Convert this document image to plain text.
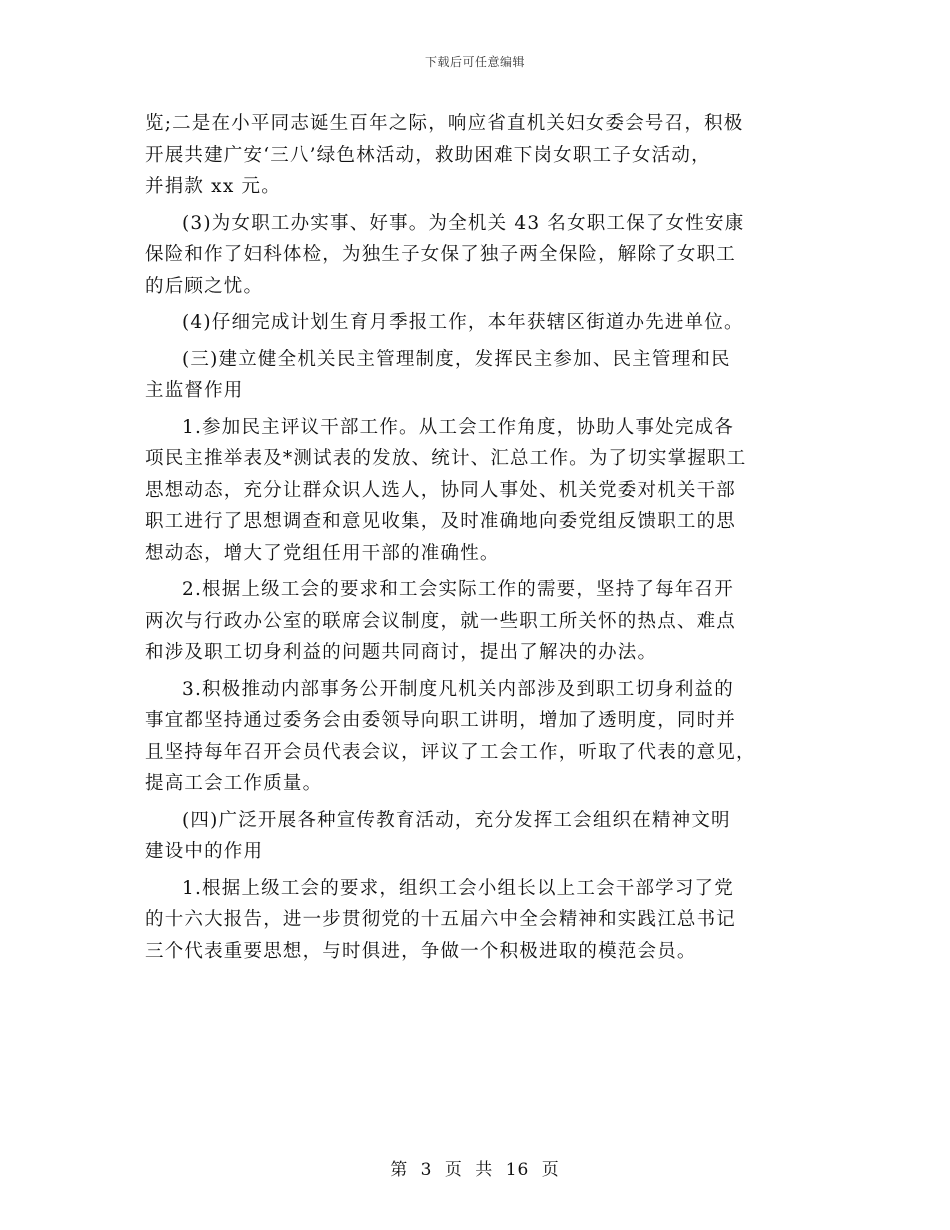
下载后可任意编辑
览;二是在小平同志诞生百年之际，响应省直机关妇女委会号召，积极
开展共建广安‘三八’绿色林活动，救助困难下岗女职工子女活动，
并捐款 xx 元。
(3)为女职工办实事、好事。为全机关 43 名女职工保了女性安康
保险和作了妇科体检，为独生子女保了独子两全保险，解除了女职工
的后顾之忧。
(4)仔细完成计划生育月季报工作，本年获辖区街道办先进单位。
(三)建立健全机关民主管理制度，发挥民主参加、民主管理和民
主监督作用
1.参加民主评议干部工作。从工会工作角度，协助人事处完成各
项民主推举表及*测试表的发放、统计、汇总工作。为了切实掌握职工
思想动态，充分让群众识人选人，协同人事处、机关党委对机关干部
职工进行了思想调查和意见收集，及时准确地向委党组反馈职工的思
想动态，增大了党组任用干部的准确性。
2.根据上级工会的要求和工会实际工作的需要，坚持了每年召开
两次与行政办公室的联席会议制度，就一些职工所关怀的热点、难点
和涉及职工切身利益的问题共同商讨，提出了解决的办法。
3.积极推动内部事务公开制度凡机关内部涉及到职工切身利益的
事宜都坚持通过委务会由委领导向职工讲明，增加了透明度，同时并
且坚持每年召开会员代表会议，评议了工会工作，听取了代表的意见，
提高工会工作质量。
(四)广泛开展各种宣传教育活动，充分发挥工会组织在精神文明
建设中的作用
1.根据上级工会的要求，组织工会小组长以上工会干部学习了党
的十六大报告，进一步贯彻党的十五届六中全会精神和实践江总书记
三个代表重要思想，与时俱进，争做一个积极进取的模范会员。
第 3 页 共 16 页
